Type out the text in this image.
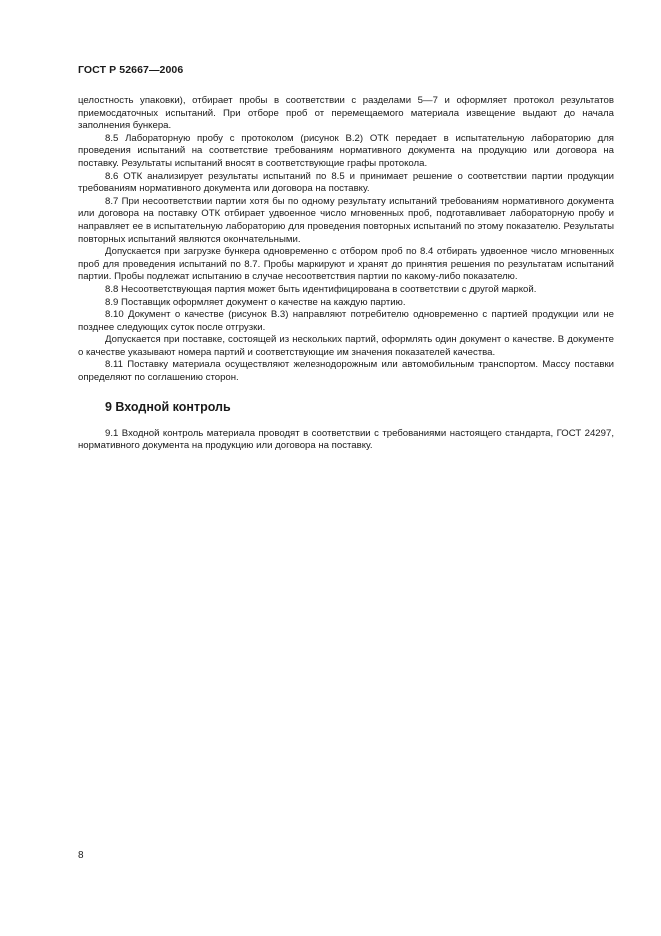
ГОСТ Р 52667—2006

целостность упаковки), отбирает пробы в соответствии с разделами 5—7 и оформляет протокол результатов приемосдаточных испытаний. При отборе проб от перемещаемого материала извещение выдают до начала заполнения бункера.

8.5 Лабораторную пробу с протоколом (рисунок В.2) ОТК передает в испытательную лабораторию для проведения испытаний на соответствие требованиям нормативного документа на продукцию или договора на поставку. Результаты испытаний вносят в соответствующие графы протокола.

8.6 ОТК анализирует результаты испытаний по 8.5 и принимает решение о соответствии партии продукции требованиям нормативного документа или договора на поставку.

8.7 При несоответствии партии хотя бы по одному результату испытаний требованиям нормативного документа или договора на поставку ОТК отбирает удвоенное число мгновенных проб, подготавливает лабораторную пробу и направляет ее в испытательную лабораторию для проведения повторных испытаний по этому показателю. Результаты повторных испытаний являются окончательными.

Допускается при загрузке бункера одновременно с отбором проб по 8.4 отбирать удвоенное число мгновенных проб для проведения испытаний по 8.7. Пробы маркируют и хранят до принятия решения по результатам испытаний партии. Пробы подлежат испытанию в случае несоответствия партии по какому-либо показателю.

8.8 Несоответствующая партия может быть идентифицирована в соответствии с другой маркой.

8.9 Поставщик оформляет документ о качестве на каждую партию.

8.10 Документ о качестве (рисунок В.3) направляют потребителю одновременно с партией продукции или не позднее следующих суток после отгрузки.

Допускается при поставке, состоящей из нескольких партий, оформлять один документ о качестве. В документе о качестве указывают номера партий и соответствующие им значения показателей качества.

8.11 Поставку материала осуществляют железнодорожным или автомобильным транспортом. Массу поставки определяют по соглашению сторон.

9 Входной контроль

9.1 Входной контроль материала проводят в соответствии с требованиями настоящего стандарта, ГОСТ 24297, нормативного документа на продукцию или договора на поставку.

8
